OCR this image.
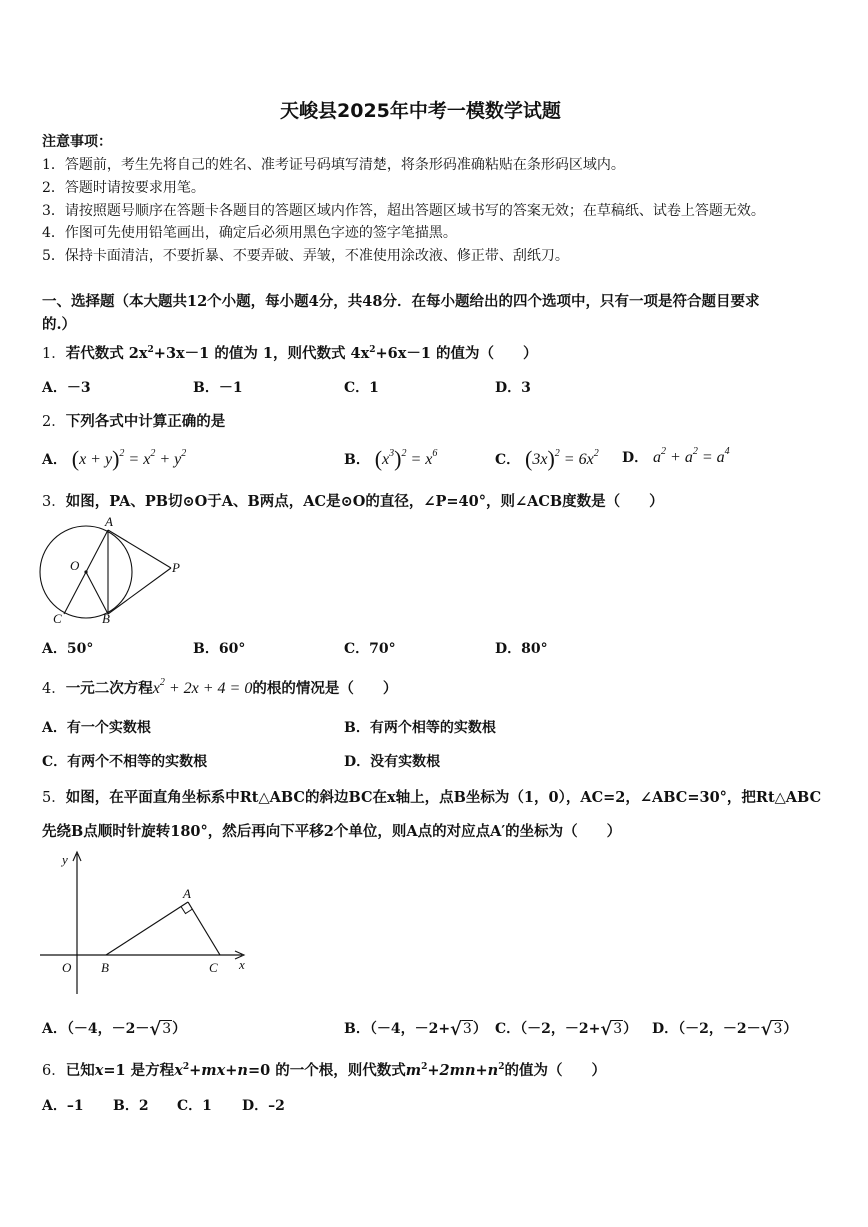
天峻县2025年中考一模数学试题
注意事项：
1．答题前，考生先将自己的姓名、准考证号码填写清楚，将条形码准确粘贴在条形码区域内。
2．答题时请按要求用笔。
3．请按照题号顺序在答题卡各题目的答题区域内作答，超出答题区域书写的答案无效；在草稿纸、试卷上答题无效。
4．作图可先使用铅笔画出，确定后必须用黑色字迹的签字笔描黑。
5．保持卡面清洁，不要折暴、不要弄破、弄皱，不准使用涂改液、修正带、刮纸刀。
一、选择题（本大题共12个小题，每小题4分，共48分．在每小题给出的四个选项中，只有一项是符合题目要求
的.）
1．若代数式 $2x^2+3x-1$ 的值为 1，则代数式 $4x^2+6x-1$ 的值为（　　）
A．－3	B．－1	C．1	D．3
2．下列各式中计算正确的是
A． $(x + y)^2 = x^2 + y^2$	B． $(x^3)^2 = x^6$	C． $(3x)^2 = 6x^2$ D． $a^2 + a^2 = a^4$
3．如图，PA、PB切⊙O于A、B两点，AC是⊙O的直径，∠P=40°，则∠ACB度数是（　　）
A
O	P
C	B
A．50°	B．60°	C．70°	D．80°
4．一元二次方程$x^2 + 2x + 4 = 0$的根的情况是（　　）
A．有一个实数根	B．有两个相等的实数根
C．有两个不相等的实数根	D．没有实数根
5．如图，在平面直角坐标系中Rt△ABC的斜边BC在x轴上，点B坐标为（1，0），AC=2，∠ABC=30°，把Rt△ABC
先绕B点顺时针旋转180°，然后再向下平移2个单位，则A点的对应点A′的坐标为（　　）
y
A
O B	C x
A．（－4，－2－√3）	B．（－4，－2+√3） C．（－2，－2+√3） D．（－2，－2－√3）
6．已知x=1 是方程$x^2+mx+n=0$ 的一个根，则代数式$m^2+2mn+n^2$的值为（　　）
A．–1 B．2 C．1 D．–2
